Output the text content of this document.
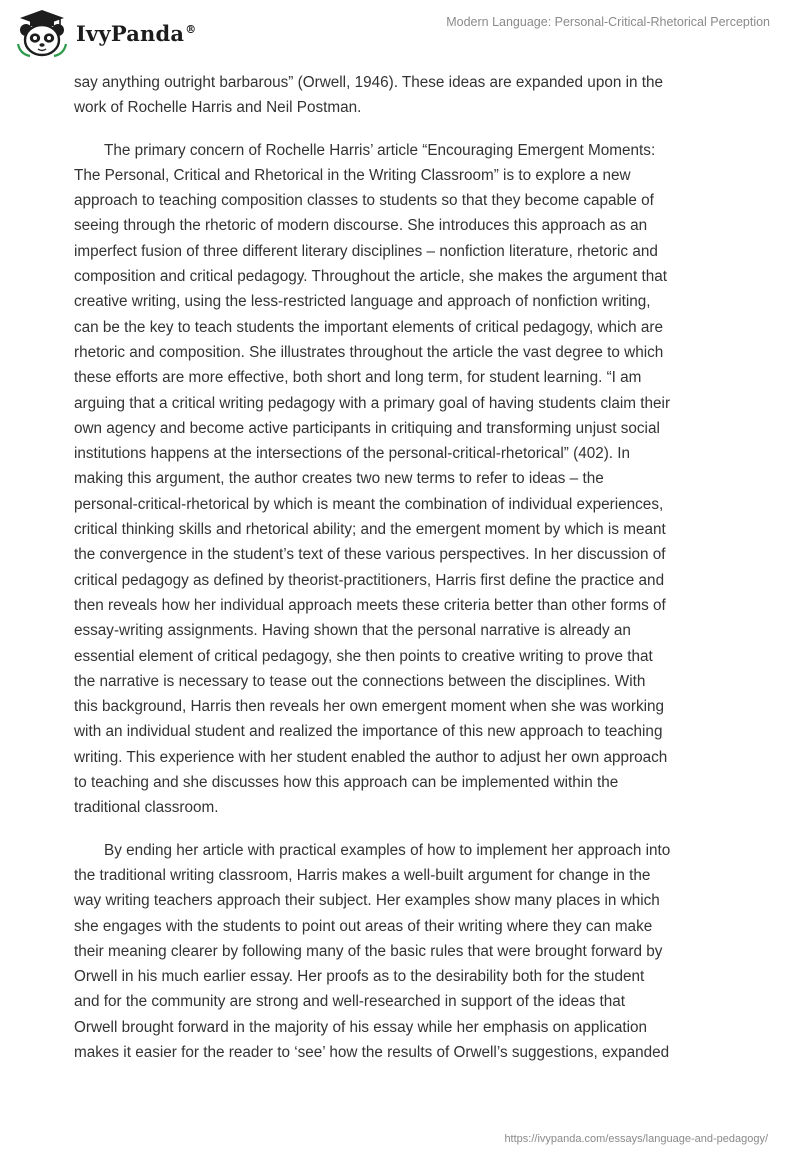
IvyPanda®	Modern Language: Personal-Critical-Rhetorical Perception

say anything outright barbarous” (Orwell, 1946). These ideas are expanded upon in the
work of Rochelle Harris and Neil Postman.

The primary concern of Rochelle Harris’ article “Encouraging Emergent Moments:
The Personal, Critical and Rhetorical in the Writing Classroom” is to explore a new
approach to teaching composition classes to students so that they become capable of
seeing through the rhetoric of modern discourse. She introduces this approach as an
imperfect fusion of three different literary disciplines – nonfiction literature, rhetoric and
composition and critical pedagogy. Throughout the article, she makes the argument that
creative writing, using the less-restricted language and approach of nonfiction writing,
can be the key to teach students the important elements of critical pedagogy, which are
rhetoric and composition. She illustrates throughout the article the vast degree to which
these efforts are more effective, both short and long term, for student learning. “I am
arguing that a critical writing pedagogy with a primary goal of having students claim their
own agency and become active participants in critiquing and transforming unjust social
institutions happens at the intersections of the personal-critical-rhetorical” (402). In
making this argument, the author creates two new terms to refer to ideas – the
personal-critical-rhetorical by which is meant the combination of individual experiences,
critical thinking skills and rhetorical ability; and the emergent moment by which is meant
the convergence in the student’s text of these various perspectives. In her discussion of
critical pedagogy as defined by theorist-practitioners, Harris first define the practice and
then reveals how her individual approach meets these criteria better than other forms of
essay-writing assignments. Having shown that the personal narrative is already an
essential element of critical pedagogy, she then points to creative writing to prove that
the narrative is necessary to tease out the connections between the disciplines. With
this background, Harris then reveals her own emergent moment when she was working
with an individual student and realized the importance of this new approach to teaching
writing. This experience with her student enabled the author to adjust her own approach
to teaching and she discusses how this approach can be implemented within the
traditional classroom.

By ending her article with practical examples of how to implement her approach into
the traditional writing classroom, Harris makes a well-built argument for change in the
way writing teachers approach their subject. Her examples show many places in which
she engages with the students to point out areas of their writing where they can make
their meaning clearer by following many of the basic rules that were brought forward by
Orwell in his much earlier essay. Her proofs as to the desirability both for the student
and for the community are strong and well-researched in support of the ideas that
Orwell brought forward in the majority of his essay while her emphasis on application
makes it easier for the reader to ‘see’ how the results of Orwell’s suggestions, expanded

https://ivypanda.com/essays/language-and-pedagogy/
